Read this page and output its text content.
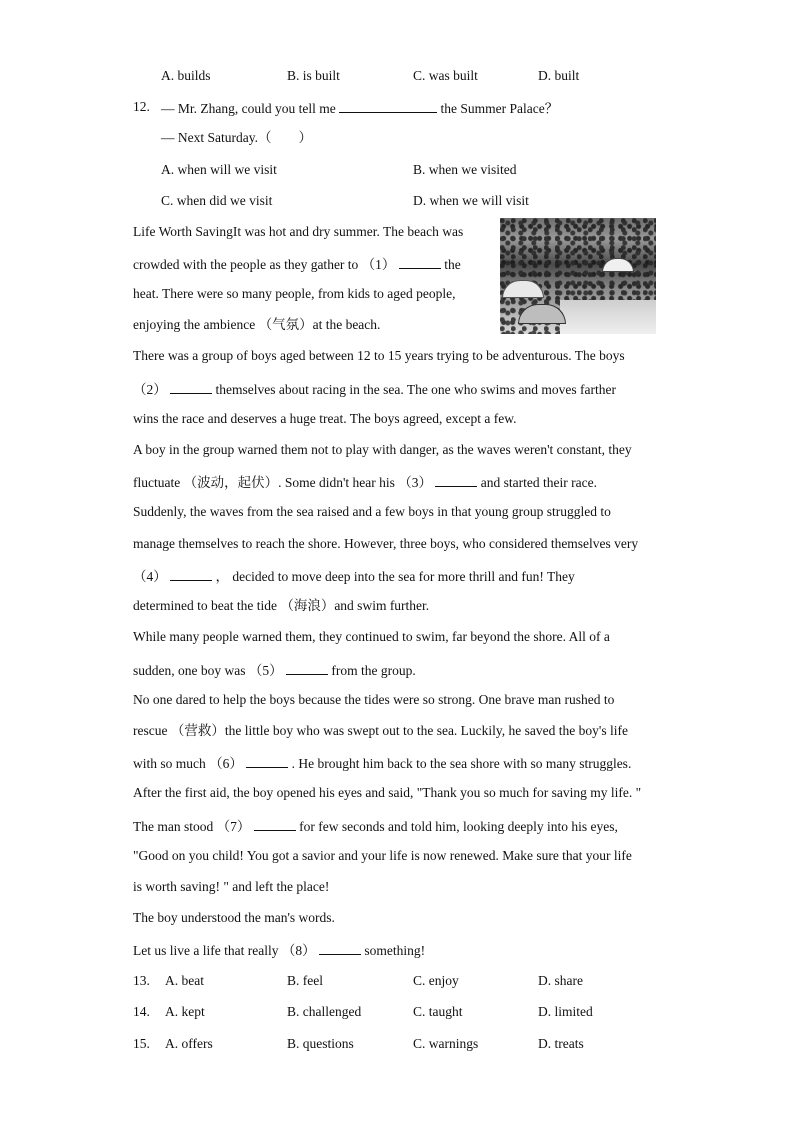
A. builds	B. is built	C. was built	D. built
12. — Mr. Zhang, could you tell me	the Summer Palace？
— Next Saturday.（　　）
A. when will we visit	B. when we visited
C. when did we visit	D. when we will visit
Life Worth SavingIt was hot and dry summer. The beach was
crowded with the people as they gather to （1）	the
heat. There were so many people, from kids to aged people,
enjoying the ambience （气氛）at the beach.
There was a group of boys aged between 12 to 15 years trying to be adventurous. The boys
（2）	themselves about racing in the sea. The one who swims and moves farther
wins the race and deserves a huge treat. The boys agreed, except a few.
A boy in the group warned them not to play with danger, as the waves weren't constant, they
fluctuate （波动，起伏）. Some didn't hear his （3）	and started their race.
Suddenly, the waves from the sea raised and a few boys in that young group struggled to
manage themselves to reach the shore. However, three boys, who considered themselves very
（4）	， decided to move deep into the sea for more thrill and fun! They
determined to beat the tide （海浪）and swim further.
While many people warned them, they continued to swim, far beyond the shore. All of a
sudden, one boy was （5）	from the group.
No one dared to help the boys because the tides were so strong. One brave man rushed to
rescue （营救）the little boy who was swept out to the sea. Luckily, he saved the boy's life
with so much （6）	. He brought him back to the sea shore with so many struggles.
After the first aid, the boy opened his eyes and said, "Thank you so much for saving my life. "
The man stood （7）	for few seconds and told him, looking deeply into his eyes,
"Good on you child! You got a savior and your life is now renewed. Make sure that your life
is worth saving! " and left the place!
The boy understood the man's words.
Let us live a life that really （8）	something!
13. A. beat	B. feel	C. enjoy	D. share
14. A. kept	B. challenged	C. taught	D. limited
15. A. offers	B. questions	C. warnings	D. treats
